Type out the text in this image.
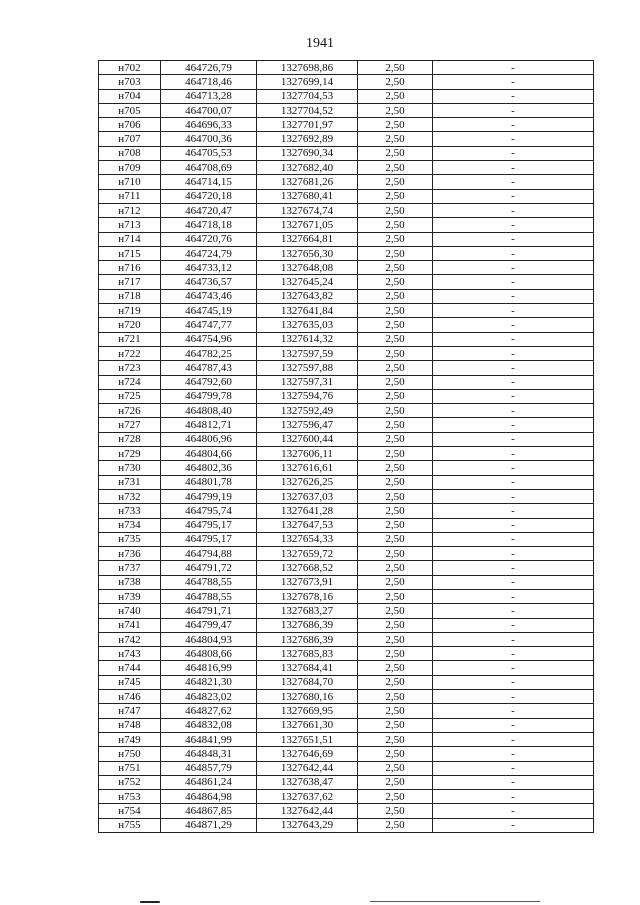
1941
н702	464726,79	1327698,86	2,50	-
н703	464718,46	1327699,14	2,50	-
н704	464713,28	1327704,53	2,50	-
н705	464700,07	1327704,52	2,50	-
н706	464696,33	1327701,97	2,50	-
н707	464700,36	1327692,89	2,50	-
н708	464705,53	1327690,34	2,50	-
н709	464708,69	1327682,40	2,50	-
н710	464714,15	1327681,26	2,50	-
н711	464720,18	1327680,41	2,50	-
н712	464720,47	1327674,74	2,50	-
н713	464718,18	1327671,05	2,50	-
н714	464720,76	1327664,81	2,50	-
н715	464724,79	1327656,30	2,50	-
н716	464733,12	1327648,08	2,50	-
н717	464736,57	1327645,24	2,50	-
н718	464743,46	1327643,82	2,50	-
н719	464745,19	1327641,84	2,50	-
н720	464747,77	1327635,03	2,50	-
н721	464754,96	1327614,32	2,50	-
н722	464782,25	1327597,59	2,50	-
н723	464787,43	1327597,88	2,50	-
н724	464792,60	1327597,31	2,50	-
н725	464799,78	1327594,76	2,50	-
н726	464808,40	1327592,49	2,50	-
н727	464812,71	1327596,47	2,50	-
н728	464806,96	1327600,44	2,50	-
н729	464804,66	1327606,11	2,50	-
н730	464802,36	1327616,61	2,50	-
н731	464801,78	1327626,25	2,50	-
н732	464799,19	1327637,03	2,50	-
н733	464795,74	1327641,28	2,50	-
н734	464795,17	1327647,53	2,50	-
н735	464795,17	1327654,33	2,50	-
н736	464794,88	1327659,72	2,50	-
н737	464791,72	1327668,52	2,50	-
н738	464788,55	1327673,91	2,50	-
н739	464788,55	1327678,16	2,50	-
н740	464791,71	1327683,27	2,50	-
н741	464799,47	1327686,39	2,50	-
н742	464804,93	1327686,39	2,50	-
н743	464808,66	1327685,83	2,50	-
н744	464816,99	1327684,41	2,50	-
н745	464821,30	1327684,70	2,50	-
н746	464823,02	1327680,16	2,50	-
н747	464827,62	1327669,95	2,50	-
н748	464832,08	1327661,30	2,50	-
н749	464841,99	1327651,51	2,50	-
н750	464848,31	1327646,69	2,50	-
н751	464857,79	1327642,44	2,50	-
н752	464861,24	1327638,47	2,50	-
н753	464864,98	1327637,62	2,50	-
н754	464867,85	1327642,44	2,50	-
н755	464871,29	1327643,29	2,50	-
